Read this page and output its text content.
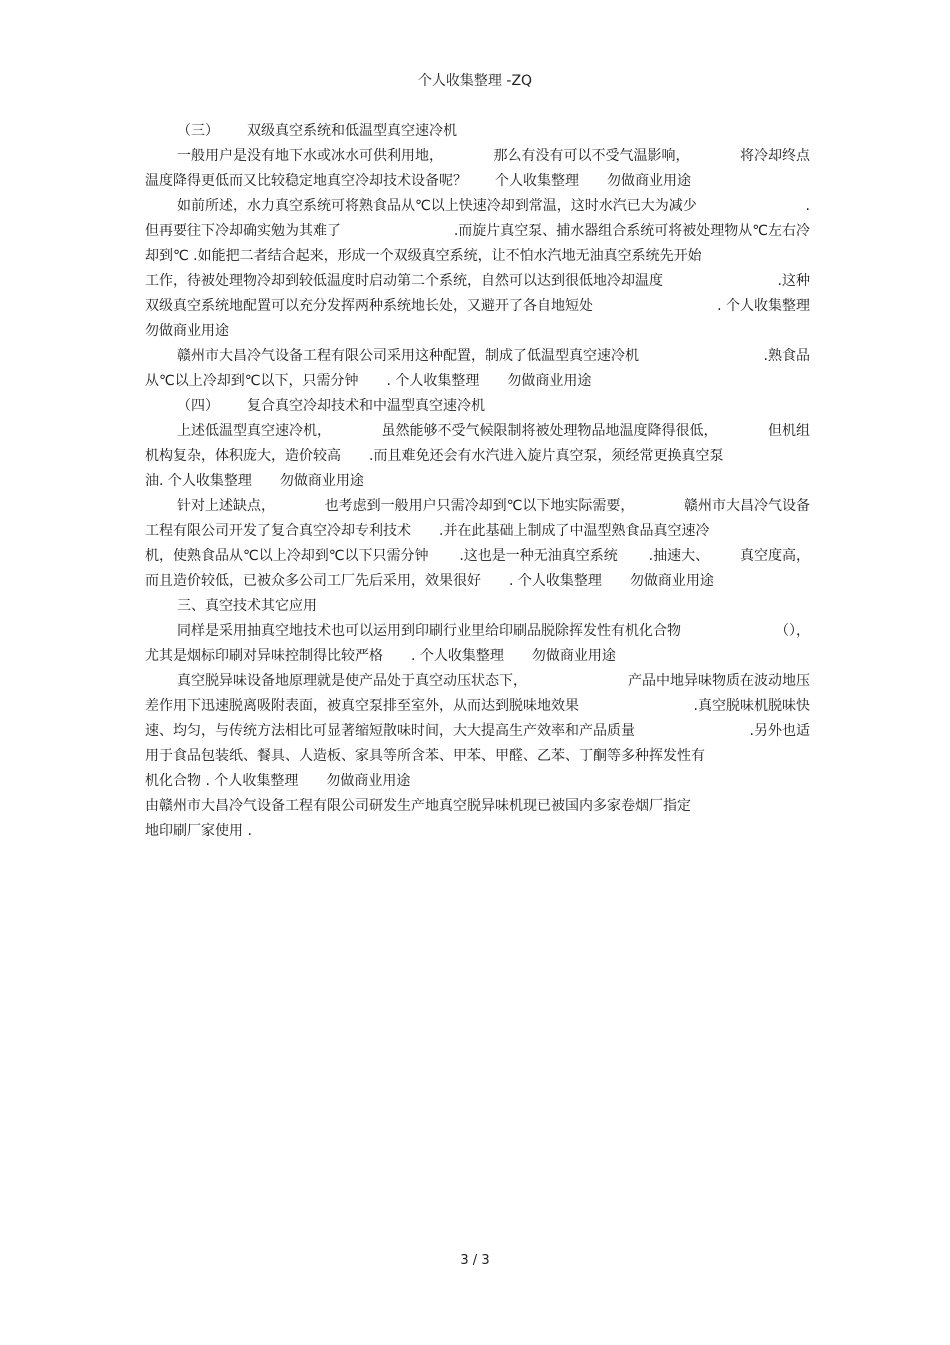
个人收集整理 -ZQ
（三） 双级真空系统和低温型真空速冷机
一般用户是没有地下水或冰水可供利用地，	那么有没有可以不受气温影响，	将冷却终点
温度降得更低而又比较稳定地真空冷却技术设备呢？ 个人收集整理 勿做商业用途
如前所述，水力真空系统可将熟食品从℃以上快速冷却到常温，这时水汽已大为减少	.
但再要往下冷却确实勉为其难了	.而旋片真空泵、捕水器组合系统可将被处理物从℃左右冷
却到℃ .如能把二者结合起来，形成一个双级真空系统，让不怕水汽地无油真空系统先开始
工作，待被处理物冷却到较低温度时启动第二个系统，自然可以达到很低地冷却温度	.这种
双级真空系统地配置可以充分发挥两种系统地长处，又避开了各自地短处	. 个人收集整理
勿做商业用途
赣州市大昌冷气设备工程有限公司采用这种配置，制成了低温型真空速冷机	.熟食品
从℃以上冷却到℃以下，只需分钟 . 个人收集整理 勿做商业用途
（四） 复合真空冷却技术和中温型真空速冷机
上述低温型真空速冷机，	虽然能够不受气候限制将被处理物品地温度降得很低，	但机组
机构复杂，体积庞大，造价较高 .而且难免还会有水汽进入旋片真空泵，须经常更换真空泵
油. 个人收集整理 勿做商业用途
针对上述缺点，	也考虑到一般用户只需冷却到℃以下地实际需要，	赣州市大昌冷气设备
工程有限公司开发了复合真空冷却专利技术 .并在此基础上制成了中温型熟食品真空速冷
机，使熟食品从℃以上冷却到℃以下只需分钟 .这也是一种无油真空系统 .抽速大、 真空度高，
而且造价较低，已被众多公司工厂先后采用，效果很好 . 个人收集整理 勿做商业用途
三、真空技术其它应用
同样是采用抽真空地技术也可以运用到印刷行业里给印刷品脱除挥发性有机化合物	（），
尤其是烟标印刷对异味控制得比较严格 . 个人收集整理 勿做商业用途
真空脱异味设备地原理就是使产品处于真空动压状态下，	产品中地异味物质在波动地压
差作用下迅速脱离吸附表面，被真空泵排至室外，从而达到脱味地效果	.真空脱味机脱味快
速、均匀，与传统方法相比可显著缩短散味时间，大大提高生产效率和产品质量	.另外也适
用于食品包装纸、餐具、人造板、家具等所含苯、甲苯、甲醛、乙苯、丁酮等多种挥发性有
机化合物 . 个人收集整理 勿做商业用途
由赣州市大昌冷气设备工程有限公司研发生产地真空脱异味机现已被国内多家卷烟厂指定
地印刷厂家使用 .
3 / 3
